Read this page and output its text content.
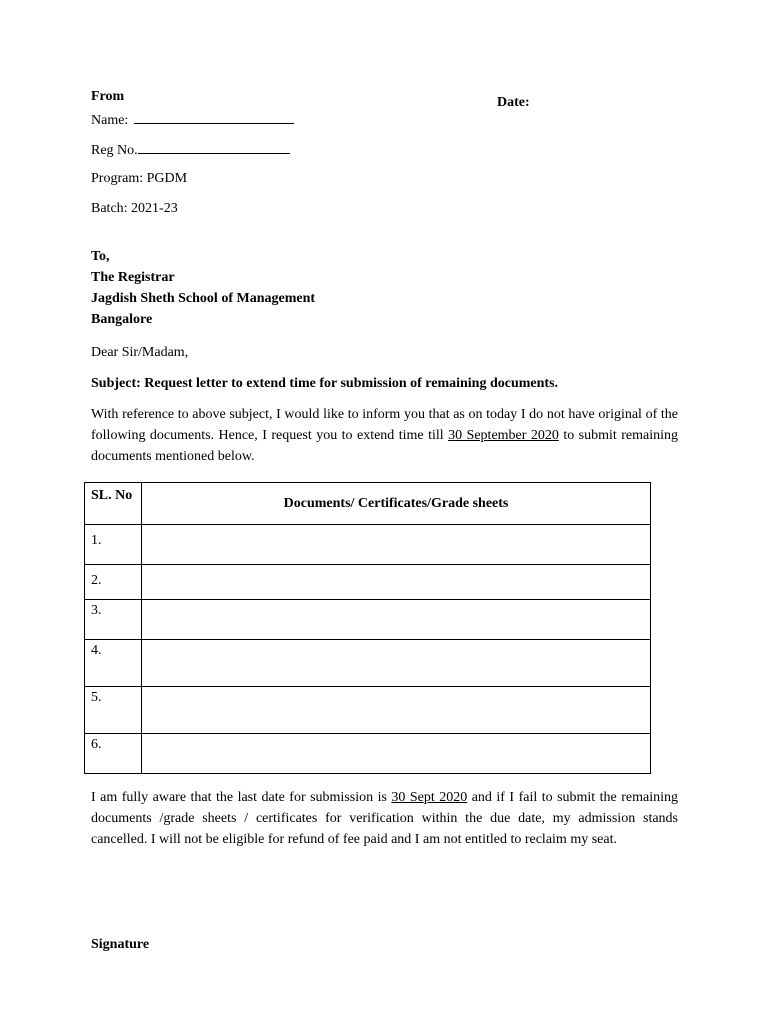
From	Date:
Name:
Reg No.
Program: PGDM
Batch: 2021-23
To,
The Registrar
Jagdish Sheth School of Management
Bangalore
Dear Sir/Madam,
Subject: Request letter to extend time for submission of remaining documents.
With reference to above subject, I would like to inform you that as on today I do not have original of the following documents. Hence, I request you to extend time till 30 September 2020 to submit remaining documents mentioned below.
SL. No	Documents/ Certificates/Grade sheets
1.	
2.	
3.	
4.	
5.	
6.	
I am fully aware that the last date for submission is 30 Sept 2020 and if I fail to submit the remaining documents /grade sheets / certificates for verification within the due date, my admission stands cancelled. I will not be eligible for refund of fee paid and I am not entitled to reclaim my seat.
Signature
